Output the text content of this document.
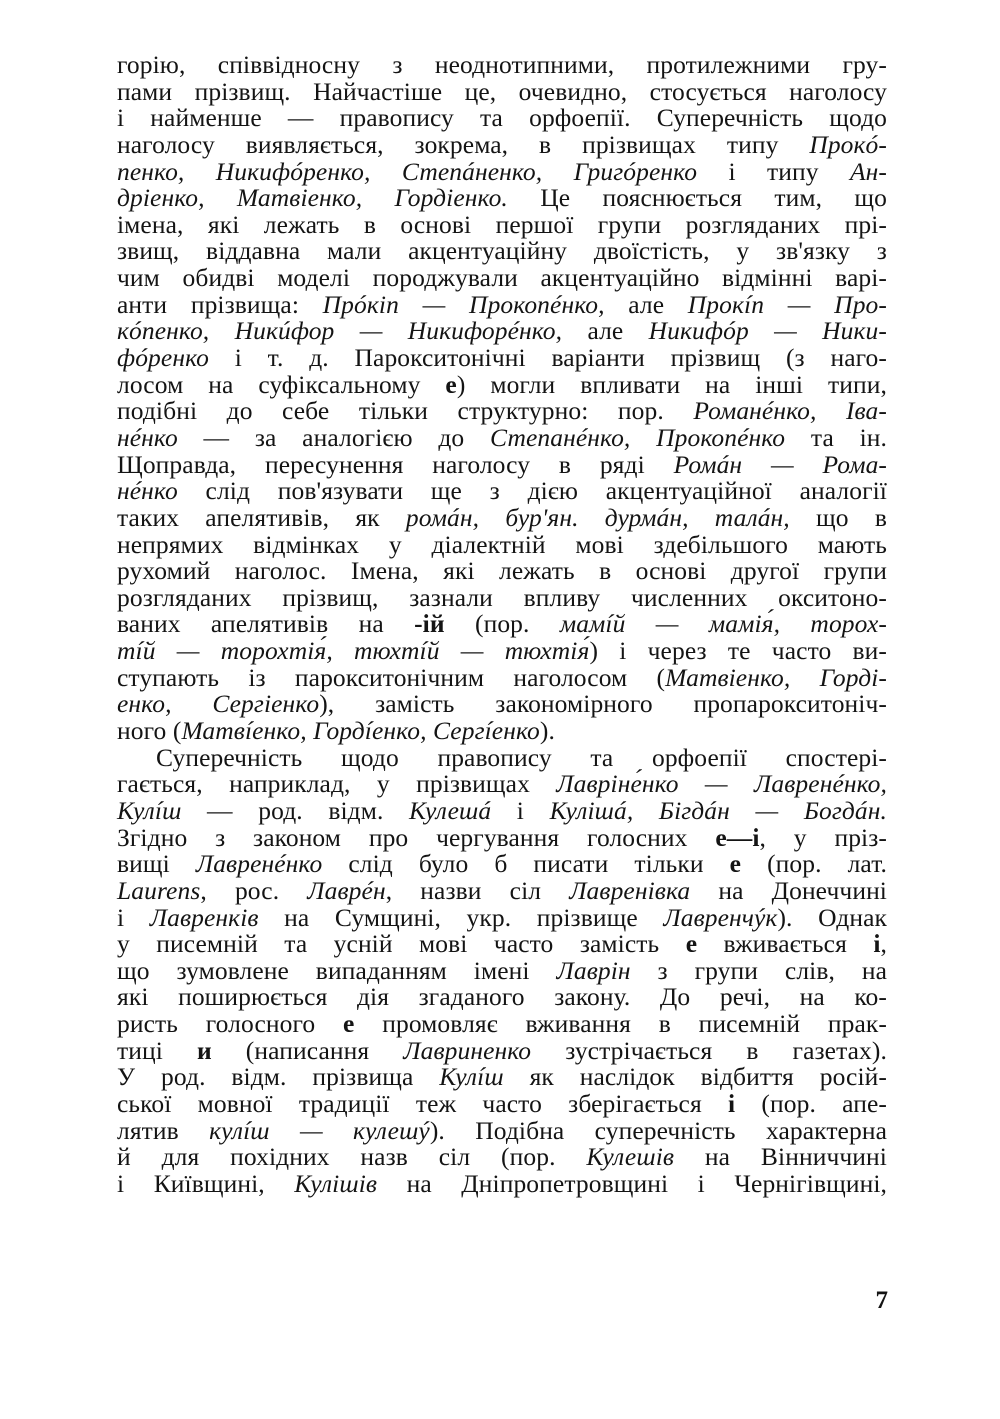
горію, співвідносну з неоднотипними, протилежними гру-
пами прізвищ. Найчастіше це, очевидно, стосується наголосу
і найменше — правопису та орфоепії. Суперечність щодо
наголосу виявляється, зокрема, в прізвищах типу Прокó-
пенко, Никифóренко, Степáненко, Григóренко і типу Ан-
дріенко, Матвіенко, Гордіенко. Це пояснюється тим, що
імена, які лежать в основі першої групи розгляданих прі-
звищ, віддавна мали акцентуаційну двоїстість, у зв'язку з
чим обидві моделі породжували акцентуаційно відмінні варі-
анти прізвища: Прóкіп — Прокопéнко, але Прокíп — Про-
кóпенко, Никúфор — Никифорéнко, але Никифóр — Ники-
фóренко і т. д. Парокситонічні варіанти прізвищ (з наго-
лосом на суфіксальному е) могли впливати на інші типи,
подібні до себе тільки структурно: пор. Романéнко, Іва-
нéнко — за аналогією до Степанéнко, Прокопéнко та ін.
Щоправда, пересунення наголосу в ряді Ромáн — Рома-
нéнко слід пов'язувати ще з дією акцентуаційної аналогії
таких апелятивів, як ромáн, бур'ян. дурмáн, талáн, що в
непрямих відмінках у діалектній мові здебільшого мають
рухомий наголос. Імена, які лежать в основі другої групи
розгляданих прізвищ, зазнали впливу численних окситоно-
ваних апелятивів на -ій (пор. мамíй — мамія́, торох-
тíй — торохтія́, тюхтíй — тюхтія́) і через те часто ви-
ступають із парокситонічним наголосом (Матвіенко, Горді-
енко, Сергіенко), замість закономірного пропарокситоніч-
ного (Матвíенко, Гордíенко, Сергíенко).
Суперечність щодо правопису та орфоепії спостері-
гається, наприклад, у прізвищах Лавріне́нко — Лавренéнко,
Кулíш — род. відм. Кулешá і Кулішá, Бігдáн — Богдáн.
Згідно з законом про чергування голосних е—і, у пріз-
вищі Лавренéнко слід було б писати тільки е (пор. лат.
Laurens, рос. Лаврéн, назви сіл Лавренівка на Донеччині
і Лавренків на Сумщині, укр. прізвище Лавренчýк). Однак
у писемній та усній мові часто замість е вживається і,
що зумовлене випаданням імені Лаврін з групи слів, на
які поширюється дія згаданого закону. До речі, на ко-
ристь голосного е промовляє вживання в писемній прак-
тиці и (написання Лавриненко зустрічається в газетах).
У род. відм. прізвища Кулíш як наслідок відбиття росій-
ської мовної традиції теж часто зберігається і (пор. апе-
лятив кулíш — кулешý). Подібна суперечність характерна
й для похідних назв сіл (пор. Кулешів на Вінниччині
і Київщині, Кулішів на Дніпропетровщині і Чернігівщині,
7
